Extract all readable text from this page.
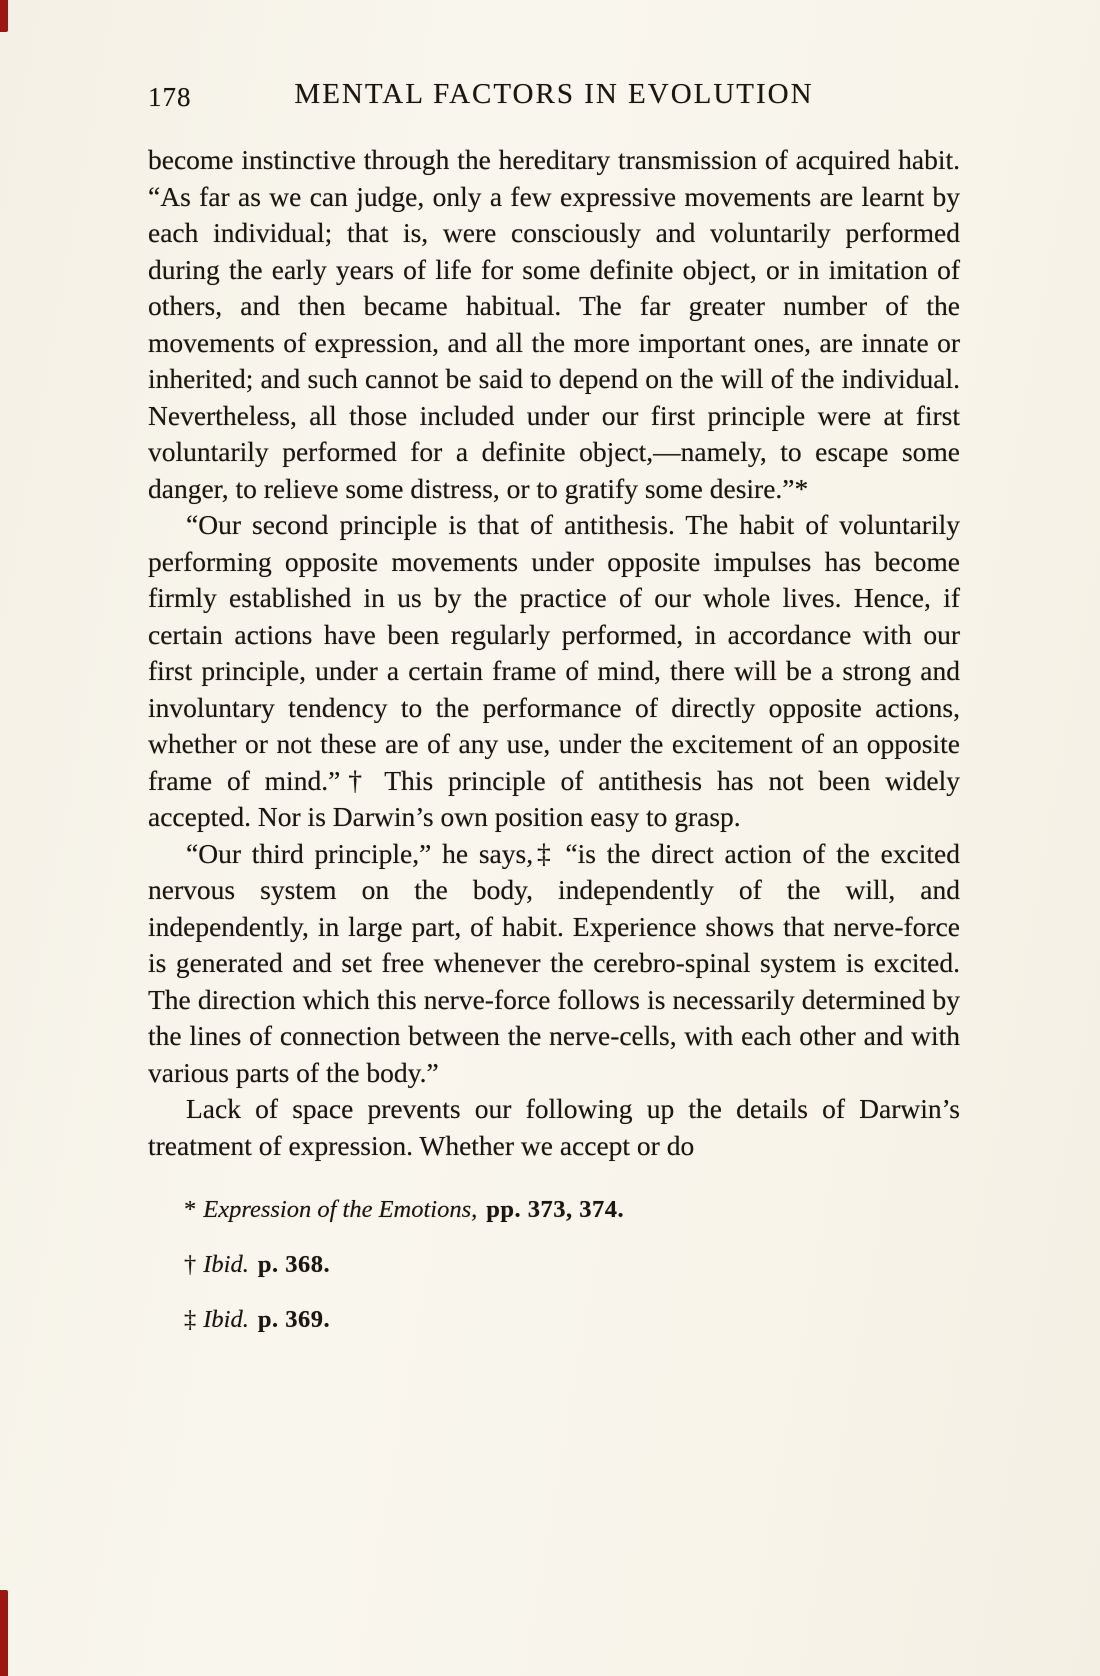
178	MENTAL FACTORS IN EVOLUTION

become instinctive through the hereditary transmission of acquired habit. “As far as we can judge, only a few expressive movements are learnt by each individual; that is, were consciously and voluntarily performed during the early years of life for some definite object, or in imitation of others, and then became habitual. The far greater number of the movements of expression, and all the more important ones, are innate or inherited; and such cannot be said to depend on the will of the individual. Nevertheless, all those included under our first principle were at first voluntarily performed for a definite object,—namely, to escape some danger, to relieve some distress, or to gratify some desire.”*

“Our second principle is that of antithesis. The habit of voluntarily performing opposite movements under opposite impulses has become firmly established in us by the practice of our whole lives. Hence, if certain actions have been regularly performed, in accordance with our first principle, under a certain frame of mind, there will be a strong and involuntary tendency to the performance of directly opposite actions, whether or not these are of any use, under the excitement of an opposite frame of mind.”† This principle of antithesis has not been widely accepted. Nor is Darwin’s own position easy to grasp.

“Our third principle,” he says,‡ “is the direct action of the excited nervous system on the body, independently of the will, and independently, in large part, of habit. Experience shows that nerve-force is generated and set free whenever the cerebro-spinal system is excited. The direction which this nerve-force follows is necessarily determined by the lines of connection between the nerve-cells, with each other and with various parts of the body.”

Lack of space prevents our following up the details of Darwin’s treatment of expression. Whether we accept or do

* Expression of the Emotions, pp. 373, 374.

† Ibid. p. 368.

‡ Ibid. p. 369.
